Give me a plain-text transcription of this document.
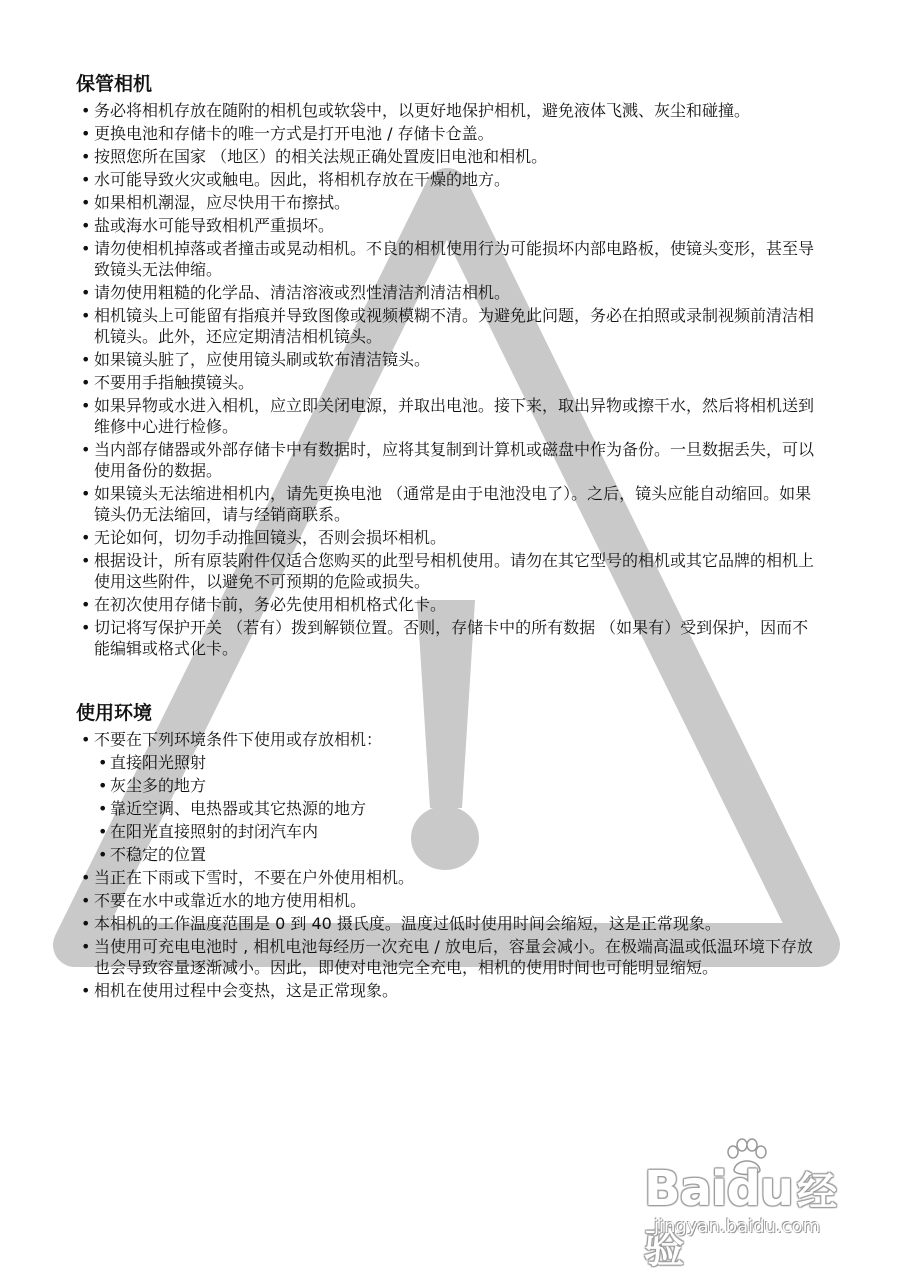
保管相机
• 务必将相机存放在随附的相机包或软袋中，以更好地保护相机，避免液体飞溅、灰尘和碰撞。
• 更换电池和存储卡的唯一方式是打开电池 / 存储卡仓盖。
• 按照您所在国家 （地区）的相关法规正确处置废旧电池和相机。
• 水可能导致火灾或触电。因此，将相机存放在干燥的地方。
• 如果相机潮湿，应尽快用干布擦拭。
• 盐或海水可能导致相机严重损坏。
• 请勿使相机掉落或者撞击或晃动相机。不良的相机使用行为可能损坏内部电路板，使镜头变形，甚至导致镜头无法伸缩。
• 请勿使用粗糙的化学品、清洁溶液或烈性清洁剂清洁相机。
• 相机镜头上可能留有指痕并导致图像或视频模糊不清。为避免此问题，务必在拍照或录制视频前清洁相机镜头。此外，还应定期清洁相机镜头。
• 如果镜头脏了，应使用镜头刷或软布清洁镜头。
• 不要用手指触摸镜头。
• 如果异物或水进入相机，应立即关闭电源，并取出电池。接下来，取出异物或擦干水，然后将相机送到维修中心进行检修。
• 当内部存储器或外部存储卡中有数据时，应将其复制到计算机或磁盘中作为备份。一旦数据丢失，可以使用备份的数据。
• 如果镜头无法缩进相机内，请先更换电池 （通常是由于电池没电了）。之后，镜头应能自动缩回。如果镜头仍无法缩回，请与经销商联系。
• 无论如何，切勿手动推回镜头，否则会损坏相机。
• 根据设计，所有原装附件仅适合您购买的此型号相机使用。请勿在其它型号的相机或其它品牌的相机上使用这些附件，以避免不可预期的危险或损失。
• 在初次使用存储卡前，务必先使用相机格式化卡。
• 切记将写保护开关 （若有）拨到解锁位置。否则，存储卡中的所有数据 （如果有）受到保护，因而不能编辑或格式化卡。
使用环境
• 不要在下列环境条件下使用或存放相机：
• 直接阳光照射
• 灰尘多的地方
• 靠近空调、电热器或其它热源的地方
• 在阳光直接照射的封闭汽车内
• 不稳定的位置
• 当正在下雨或下雪时，不要在户外使用相机。
• 不要在水中或靠近水的地方使用相机。
• 本相机的工作温度范围是 0 到 40 摄氏度。温度过低时使用时间会缩短，这是正常现象。
• 当使用可充电电池时 , 相机电池每经历一次充电 / 放电后，容量会减小。在极端高温或低温环境下存放也会导致容量逐渐减小。因此，即使对电池完全充电，相机的使用时间也可能明显缩短。
• 相机在使用过程中会变热，这是正常现象。
Baidu 经验
jingyan.baidu.com
